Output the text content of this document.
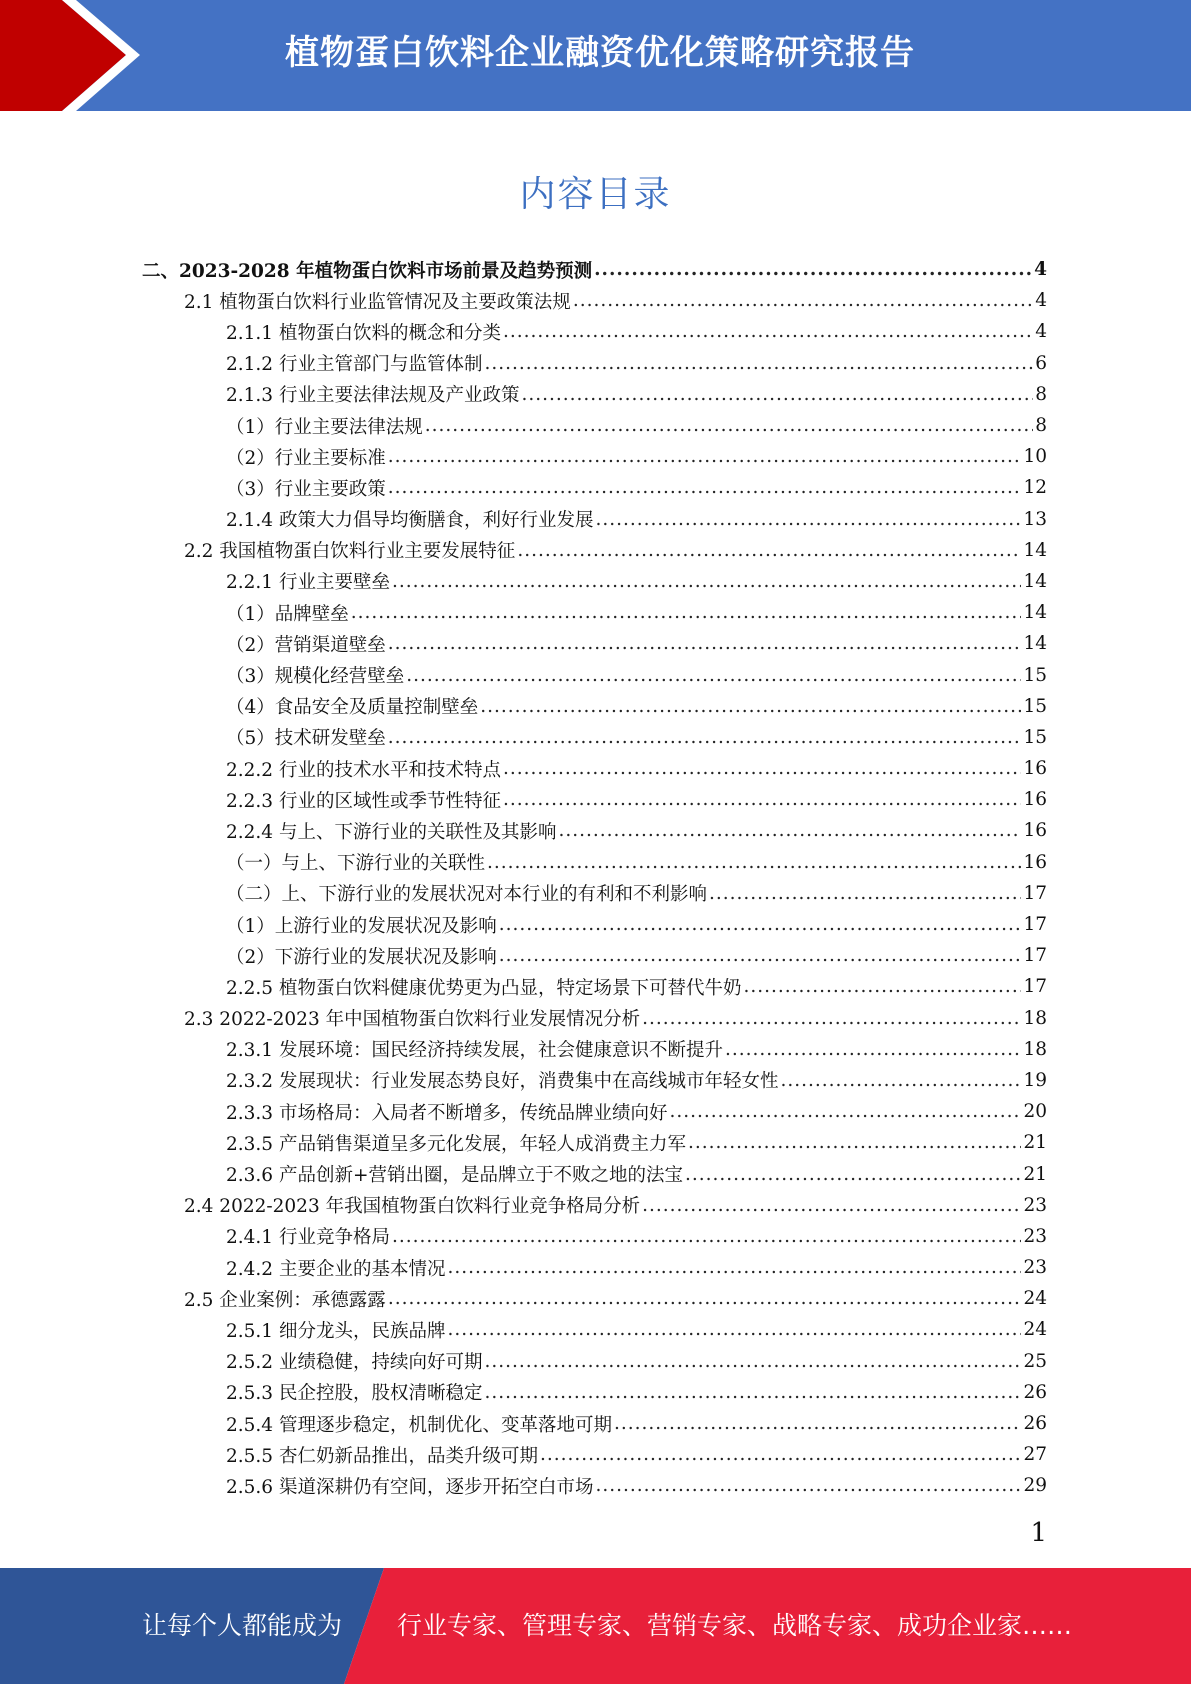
植物蛋白饮料企业融资优化策略研究报告
内容目录
二、2023-2028 年植物蛋白饮料市场前景及趋势预测 .....	4
2.1 植物蛋白饮料行业监管情况及主要政策法规 .....	4
2.1.1 植物蛋白饮料的概念和分类 .....	4
2.1.2 行业主管部门与监管体制 .....	6
2.1.3 行业主要法律法规及产业政策 .....	8
（1）行业主要法律法规 .....	8
（2）行业主要标准 .....	10
（3）行业主要政策 .....	12
2.1.4 政策大力倡导均衡膳食，利好行业发展 .....	13
2.2 我国植物蛋白饮料行业主要发展特征 .....	14
2.2.1 行业主要壁垒 .....	14
（1）品牌壁垒 .....	14
（2）营销渠道壁垒 .....	14
（3）规模化经营壁垒 .....	15
（4）食品安全及质量控制壁垒 .....	15
（5）技术研发壁垒 .....	15
2.2.2 行业的技术水平和技术特点 .....	16
2.2.3 行业的区域性或季节性特征 .....	16
2.2.4 与上、下游行业的关联性及其影响 .....	16
（一）与上、下游行业的关联性 .....	16
（二）上、下游行业的发展状况对本行业的有利和不利影响 .....	17
（1）上游行业的发展状况及影响 .....	17
（2）下游行业的发展状况及影响 .....	17
2.2.5 植物蛋白饮料健康优势更为凸显，特定场景下可替代牛奶 .....	17
2.3 2022-2023 年中国植物蛋白饮料行业发展情况分析 .....	18
2.3.1 发展环境：国民经济持续发展，社会健康意识不断提升 .....	18
2.3.2 发展现状：行业发展态势良好，消费集中在高线城市年轻女性 .....	19
2.3.3 市场格局：入局者不断增多，传统品牌业绩向好 .....	20
2.3.5 产品销售渠道呈多元化发展，年轻人成消费主力军 .....	21
2.3.6 产品创新+营销出圈，是品牌立于不败之地的法宝 .....	21
2.4 2022-2023 年我国植物蛋白饮料行业竞争格局分析 .....	23
2.4.1 行业竞争格局 .....	23
2.4.2 主要企业的基本情况 .....	23
2.5 企业案例：承德露露 .....	24
2.5.1 细分龙头，民族品牌 .....	24
2.5.2 业绩稳健，持续向好可期 .....	25
2.5.3 民企控股，股权清晰稳定 .....	26
2.5.4 管理逐步稳定，机制优化、变革落地可期 .....	26
2.5.5 杏仁奶新品推出，品类升级可期 .....	27
2.5.6 渠道深耕仍有空间，逐步开拓空白市场 .....	29
1
让每个人都能成为 行业专家、管理专家、营销专家、战略专家、成功企业家……
